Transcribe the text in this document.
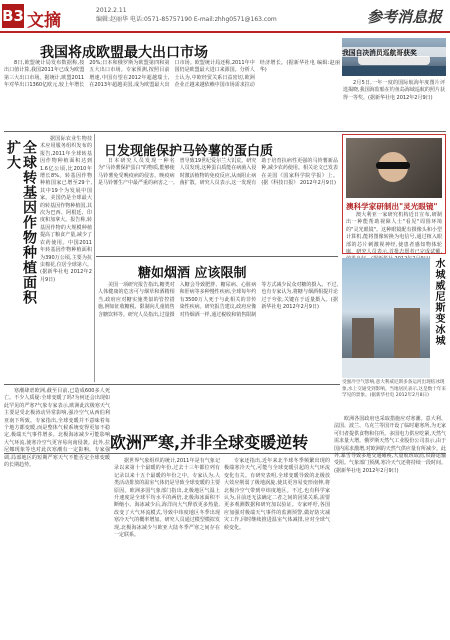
B3 文摘
2012.2.11
编辑:赵丽华 电话:0571-85757190 E-mail:zhhg0571@163.com	参考消息报
我国将成欧盟最大出口市场

8日,欧盟统计局发布数据称,按出口值计算,我国2011年已成为欧盟第三大出口市场。据统计,欧盟2011年对华出口1360亿欧元,较上年增长20%;日本和俄罗斯为欧盟第四和第五大出口市场。专家预测,按照目前增速,中国有望在2012年超越瑞士,在2013年超越美国,成为欧盟最大出口市场。欧盟统计局还称,2011年中国仍是欧盟最大进口来源国。分析人士认为,中欧经贸关系日益密切,欧洲企业正越来越依赖中国市场需求拉动经济增长。(据新华社电 编辑:赵丽华)

我国自决消员巡航哥获奖

2月5日,一年一度的国际航海年度图片评选揭晓,我国海监船在钓鱼岛海域巡航的照片获得一等奖。(据新华社电 2012年2月9日)

全球转基因作物种植面积扩大

据国际农业生物技术应用服务组织发布的报告,2011年全球转基因作物种植面积达到1.6亿公顷,比2010年增长8%。转基因作物种植国家已增至29个,其中19个为发展中国家。美国仍是全球最大的转基因作物种植国,其次为巴西、阿根廷、印度和加拿大。报告称,转基因作物的大规模种植提高了粮食产量,减少了农药使用。中国2011年转基因作物种植面积为390万公顷,主要为抗虫棉花,位居全球第六。(据新华社电 2012年2月9日)

日发现能保护马铃薯的蛋白质

日本研究人员发现一种名为"马铃薯保护蛋白"的物质,能够使马铃薯免受晚疫病的侵害。晚疫病是马铃薯生产中最严重的病害之一,曾导致19世纪爱尔兰大饥荒。研究人员发现,这种蛋白质能在病菌入侵时激活植物的免疫反应,从而阻止病菌扩散。研究人员表示,这一发现有助于培育抗病性更强的马铃薯新品种,减少农药使用。相关论文已发表在美国《国家科学院学报》上。(据《科技日报》 2012年2月9日)

澳科学家研制出"灵光眼镜"

澳大利亚一家研究机构近日宣布,研制出一种能帮助视障人士"看见"周围环境的"灵光眼镜"。这种眼镜配有摄像头和小型计算机,能将图像转换为电信号,通过植入眼部的芯片刺激视神经,使患者感知物体轮廓。研究人员表示,首批志愿者已完成试戴,

糖如烟酒 应该限制

美国一项研究报告指出,糖类对人体健康的危害可与烟草和酒精相当,政府应对糖实施类似的管控措施,例如征收糖税、限制向儿童销售含糖饮料等。研究人员指出,过量摄入糖会导致肥胖、糖尿病、心脏病和肝病等多种慢性疾病,全球每年约有3500万人死于与此相关的非传染性疾病。研究报告建议,政府应像对待烟酒一样,通过税收和销售限制等方式减少民众对糖的摄入。不过,也有专家认为,将糖与烟酒相提并论过于夸张,关键在于适量摄入。(据新华社电 2012年2月9日)	水城威尼斯变冰城
受强冷空气影响,意大利威尼斯多条运河出现结冰现象,水上交通受到影响。当地居民表示,这是数十年来罕见的景象。(据新华社电 2012年2月8日)
欧洲严寒,并非全球变暖逆转

寒潮肆虐欧洲,截至目前,已造成600多人死亡。不少人质疑:全球变暖了吗?为何还会出现如此罕见的严寒?气象专家表示,欧洲此次极寒天气主要是受北极涛动异常影响,强冷空气从西伯利亚南下所致。专家指出,全球变暖并不意味着每个地方都变暖,而是整体气候系统变得更加不稳定,极端天气事件增多。北极海冰减少可能影响大气环流,使寒冷空气更容易向南侵袭。此外,拉尼娜现象等也对此次寒潮有一定影响。专家强调,局部地区的短期严寒天气不能否定全球变暖的长期趋势。

据世界气象组织的统计,2011年是有气象记录以来第十个最暖的年份,过去十三年都位列有记录以来十五个最暖的年份之中。专家认为,人类活动排放的温室气体仍是导致全球变暖的主要原因。欧洲多国气象部门指出,北极地区气温上升速度是全球平均水平的两倍,北极海冰面积不断缩小。海冰减少后,海洋向大气释放更多热量,改变了大气环流模式,导致中纬度地区冬季出现寒冷天气的概率增加。研究人员通过模型模拟发现,北极海冰减少与欧亚大陆冬季严寒之间存在一定联系。

专家还指出,近年来北半球冬季频繁出现的极端寒冷天气,可能与全球变暖引起的大气环流变化有关。有研究表明,全球变暖导致的北极放大效应削弱了极地涡旋,使其更容易变形南伸,将北极冷空气带到中纬度地区。不过,也有科学家认为,目前还无法确定二者之间的因果关系,需要更多观测数据和研究加以验证。专家呼吁,各国应加强对极端天气事件的监测预警,做好防灾减灾工作,同时继续推进温室气体减排,应对全球气候变化。

欧洲各国政府也采取措施应对寒潮。意大利、法国、波兰、乌克兰等国开设了临时避寒所,为无家可归者提供食物和住所。多国电力供应吃紧,天然气需求量大增。俄罗斯天然气工业股份公司表示,由于国内需求激增,对欧洲的天然气供应量有所减少。此外,暴雪导致多地交通瘫痪,大量航班取消,铁路运输受阻。气象部门预测,寒冷天气还将持续一段时间。(据新华社电 2012年2月9日)
